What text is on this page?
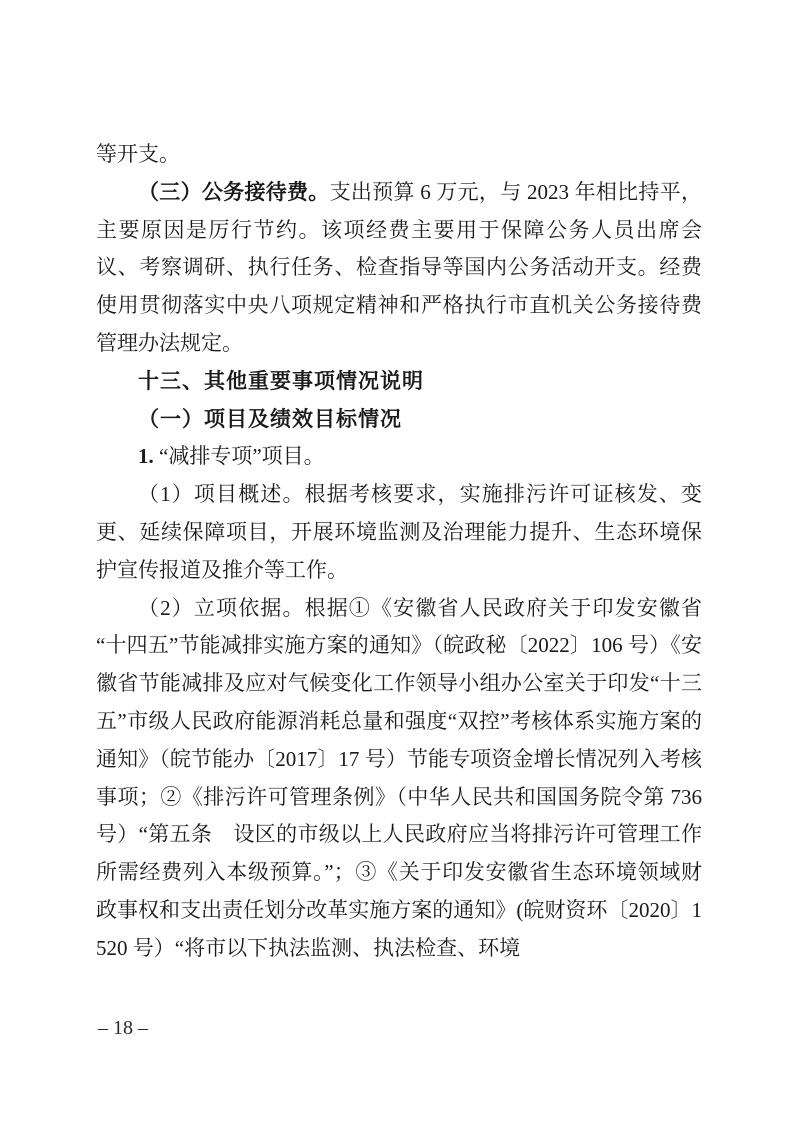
等开支。

（三）公务接待费。支出预算 6 万元，与 2023 年相比持平，主要原因是厉行节约。该项经费主要用于保障公务人员出席会议、考察调研、执行任务、检查指导等国内公务活动开支。经费使用贯彻落实中央八项规定精神和严格执行市直机关公务接待费管理办法规定。

十三、其他重要事项情况说明

（一）项目及绩效目标情况

1. “减排专项”项目。

（1）项目概述。根据考核要求，实施排污许可证核发、变更、延续保障项目，开展环境监测及治理能力提升、生态环境保护宣传报道及推介等工作。

（2）立项依据。根据①《安徽省人民政府关于印发安徽省“十四五”节能减排实施方案的通知》（皖政秘〔2022〕106 号）《安徽省节能减排及应对气候变化工作领导小组办公室关于印发“十三五”市级人民政府能源消耗总量和强度“双控”考核体系实施方案的通知》（皖节能办〔2017〕17 号）节能专项资金增长情况列入考核事项；②《排污许可管理条例》（中华人民共和国国务院令第 736 号）“第五条　设区的市级以上人民政府应当将排污许可管理工作所需经费列入本级预算。”；③《关于印发安徽省生态环境领域财政事权和支出责任划分改革实施方案的通知》(皖财资环〔2020〕1520 号）“将市以下执法监测、执法检查、环境

– 18 –
